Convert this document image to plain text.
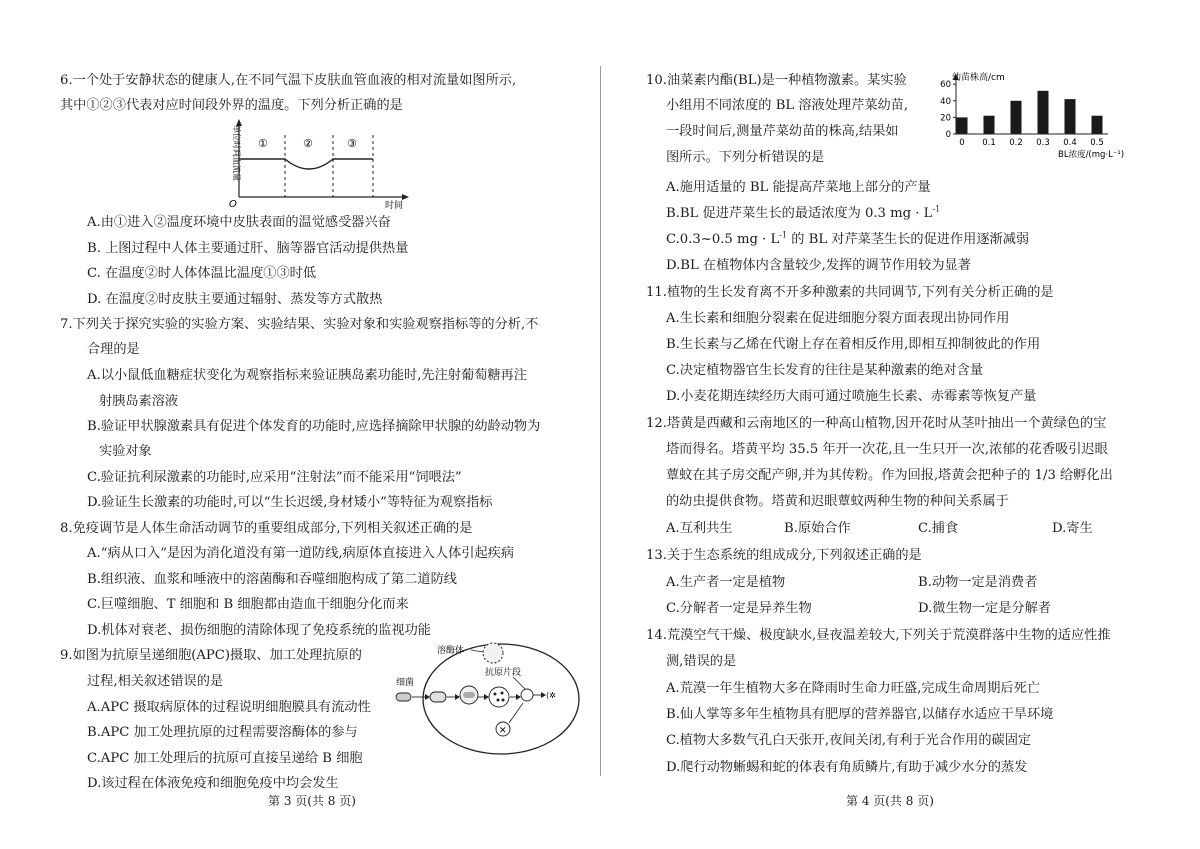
6.一个处于安静状态的健康人,在不同气温下皮肤血管血液的相对流量如图所示,
其中①②③代表对应时间段外界的温度。下列分析正确的是
①	②	③
O	时间
单位时间血流量
A.由①进入②温度环境中皮肤表面的温觉感受器兴奋
B. 上图过程中人体主要通过肝、脑等器官活动提供热量
C. 在温度②时人体体温比温度①③时低
D. 在温度②时皮肤主要通过辐射、蒸发等方式散热
7.下列关于探究实验的实验方案、实验结果、实验对象和实验观察指标等的分析,不
合理的是
A.以小鼠低血糖症状变化为观察指标来验证胰岛素功能时,先注射葡萄糖再注
射胰岛素溶液
B.验证甲状腺激素具有促进个体发育的功能时,应选择摘除甲状腺的幼龄动物为
实验对象
C.验证抗利尿激素的功能时,应采用“注射法”而不能采用“饲喂法”
D.验证生长激素的功能时,可以“生长迟缓,身材矮小”等特征为观察指标
8.免疫调节是人体生命活动调节的重要组成部分,下列相关叙述正确的是
A.“病从口入”是因为消化道没有第一道防线,病原体直接进入人体引起疾病
B.组织液、血浆和唾液中的溶菌酶和吞噬细胞构成了第二道防线
C.巨噬细胞、T 细胞和 B 细胞都由造血干细胞分化而来
D.机体对衰老、损伤细胞的清除体现了免疫系统的监视功能
9.如图为抗原呈递细胞(APC)摄取、加工处理抗原的
过程,相关叙述错误的是
A.APC 摄取病原体的过程说明细胞膜具有流动性
B.APC 加工处理抗原的过程需要溶酶体的参与
C.APC 加工处理后的抗原可直接呈递给 B 细胞
D.该过程在体液免疫和细胞免疫中均会发生
溶酶体
抗原片段
细菌
⟨✲
✕
第 3 页(共 8 页)
10.油菜素内酯(BL)是一种植物激素。某实验
小组用不同浓度的 BL 溶液处理芹菜幼苗,
一段时间后,测量芹菜幼苗的株高,结果如
图所示。下列分析错误的是
0 0.1 0.2 0.3 0.4 0.5
0
20
40
60
幼苗株高/cm
BL浓度/(mg·L⁻¹)
A.施用适量的 BL 能提高芹菜地上部分的产量
B.BL 促进芹菜生长的最适浓度为 0.3 mg · $L^{-1}$
C.0.3~0.5 mg · $L^{-1}$ 的 BL 对芹菜茎生长的促进作用逐渐减弱
D.BL 在植物体内含量较少,发挥的调节作用较为显著
11.植物的生长发育离不开多种激素的共同调节,下列有关分析正确的是
A.生长素和细胞分裂素在促进细胞分裂方面表现出协同作用
B.生长素与乙烯在代谢上存在着相反作用,即相互抑制彼此的作用
C.决定植物器官生长发育的往往是某种激素的绝对含量
D.小麦花期连续经历大雨可通过喷施生长素、赤霉素等恢复产量
12.塔黄是西藏和云南地区的一种高山植物,因开花时从茎叶抽出一个黄绿色的宝
塔而得名。塔黄平均 35.5 年开一次花,且一生只开一次,浓郁的花香吸引迟眼
蕈蚊在其子房交配产卵,并为其传粉。作为回报,塔黄会把种子的 1/3 给孵化出
的幼虫提供食物。塔黄和迟眼蕈蚊两种生物的种间关系属于
A.互利共生	B.原始合作	C.捕食	D.寄生
13.关于生态系统的组成成分,下列叙述正确的是
A.生产者一定是植物	B.动物一定是消费者
C.分解者一定是异养生物	D.微生物一定是分解者
14.荒漠空气干燥、极度缺水,昼夜温差较大,下列关于荒漠群落中生物的适应性推
测,错误的是
A.荒漠一年生植物大多在降雨时生命力旺盛,完成生命周期后死亡
B.仙人掌等多年生植物具有肥厚的营养器官,以储存水适应干旱环境
C.植物大多数气孔白天张开,夜间关闭,有利于光合作用的碳固定
D.爬行动物蜥蜴和蛇的体表有角质鳞片,有助于减少水分的蒸发
第 4 页(共 8 页)
